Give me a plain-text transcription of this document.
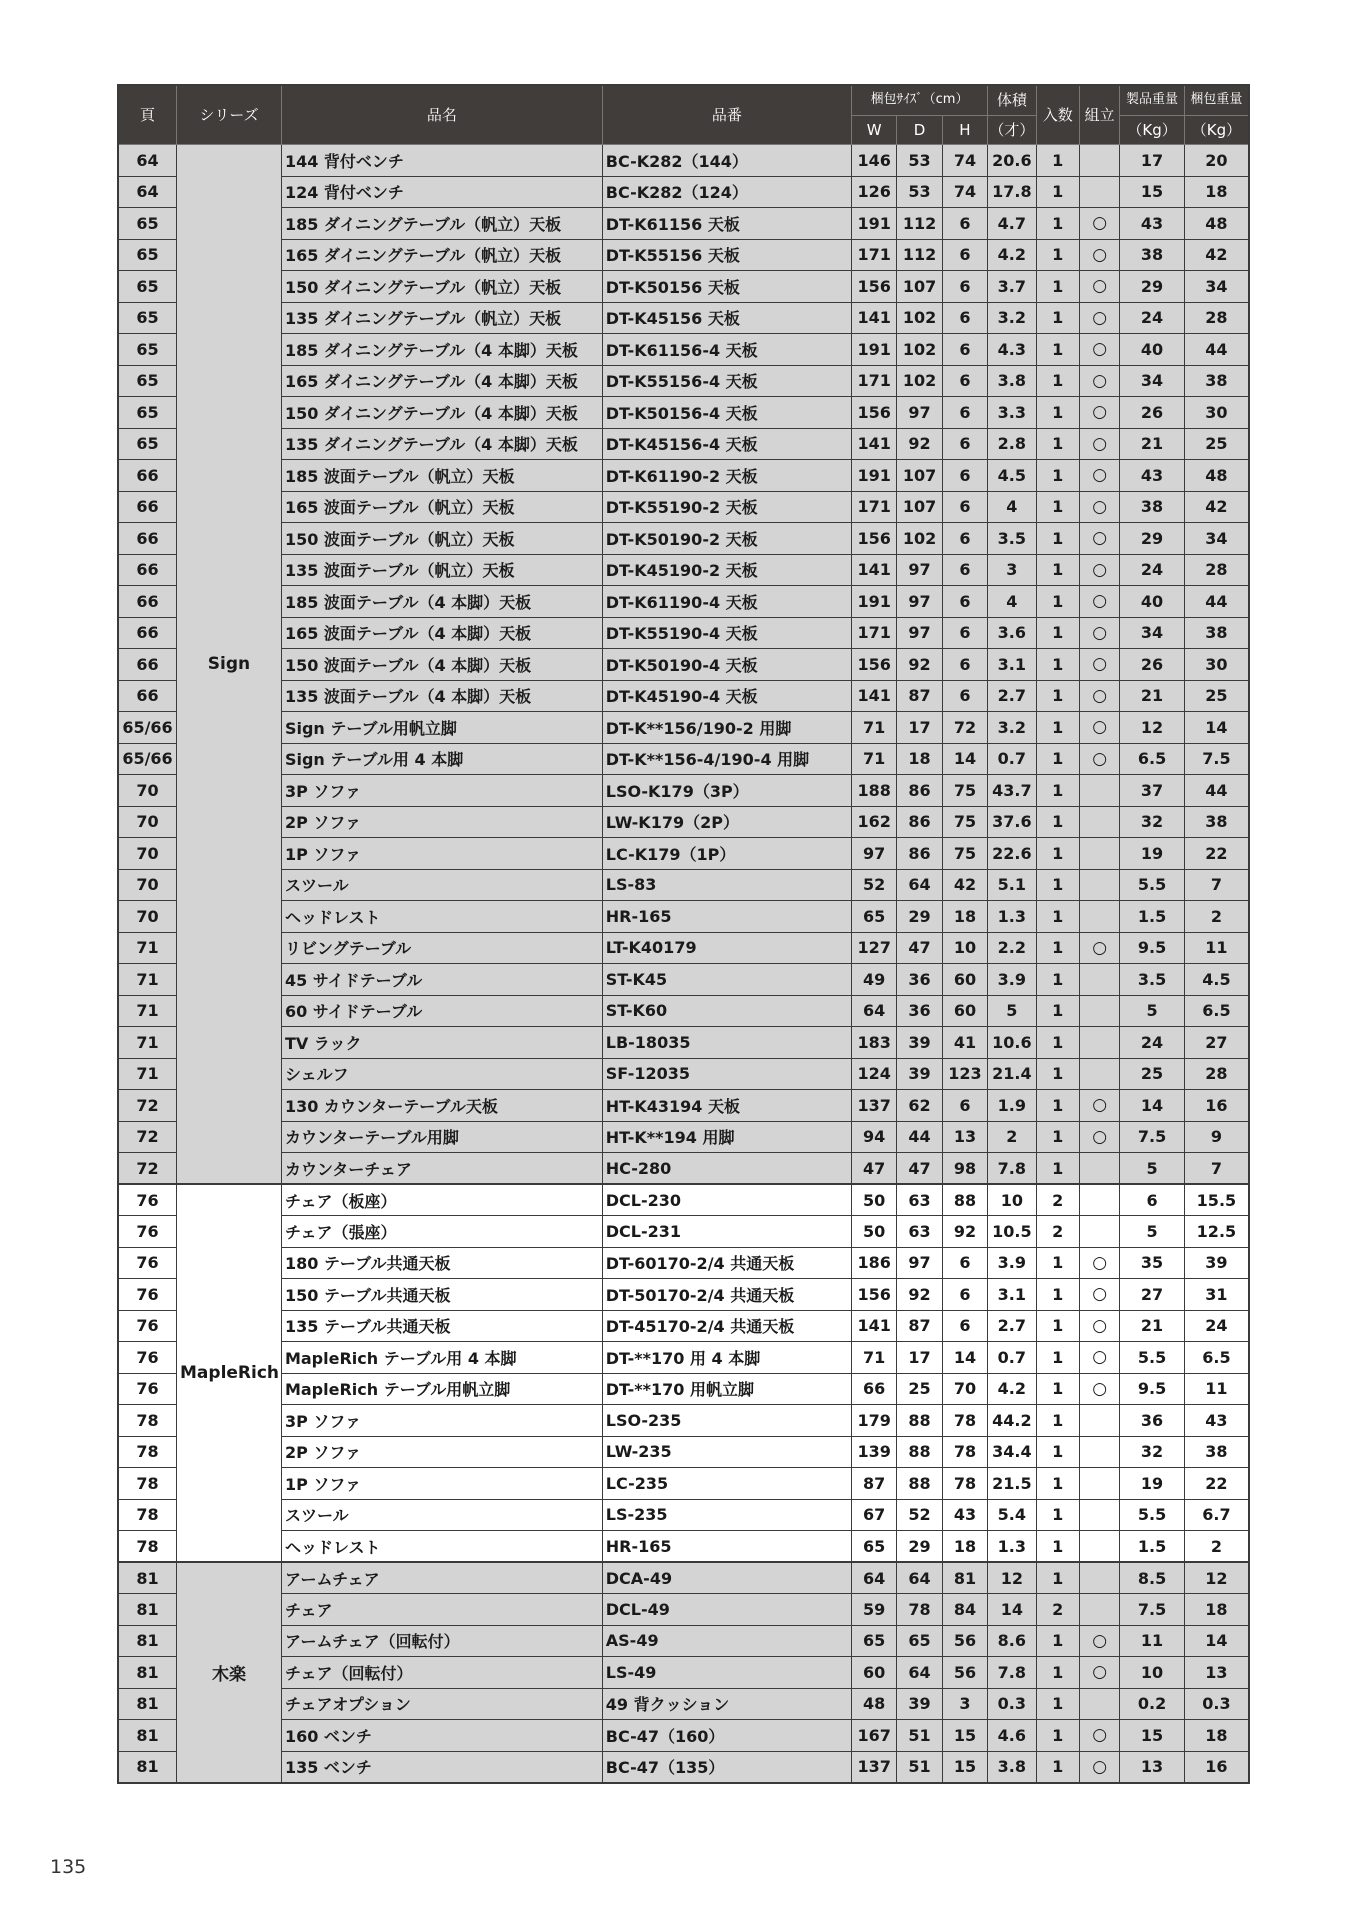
頁	シリーズ	品名	品番	梱包ｻｲｽﾞ（cm）			体積	入数	組立	製品重量	梱包重量
				W	D	H	（才）			（Kg）	（Kg）
64	Sign	144 背付ベンチ	BC-K282（144）	146	53	74	20.6	1		17	20
64		124 背付ベンチ	BC-K282（124）	126	53	74	17.8	1		15	18
65		185 ダイニングテーブル（帆立）天板	DT-K61156 天板	191	112	6	4.7	1	○	43	48
65		165 ダイニングテーブル（帆立）天板	DT-K55156 天板	171	112	6	4.2	1	○	38	42
65		150 ダイニングテーブル（帆立）天板	DT-K50156 天板	156	107	6	3.7	1	○	29	34
65		135 ダイニングテーブル（帆立）天板	DT-K45156 天板	141	102	6	3.2	1	○	24	28
65		185 ダイニングテーブル（4 本脚）天板	DT-K61156-4 天板	191	102	6	4.3	1	○	40	44
65		165 ダイニングテーブル（4 本脚）天板	DT-K55156-4 天板	171	102	6	3.8	1	○	34	38
65		150 ダイニングテーブル（4 本脚）天板	DT-K50156-4 天板	156	97	6	3.3	1	○	26	30
65		135 ダイニングテーブル（4 本脚）天板	DT-K45156-4 天板	141	92	6	2.8	1	○	21	25
66		185 波面テーブル（帆立）天板	DT-K61190-2 天板	191	107	6	4.5	1	○	43	48
66		165 波面テーブル（帆立）天板	DT-K55190-2 天板	171	107	6	4	1	○	38	42
66		150 波面テーブル（帆立）天板	DT-K50190-2 天板	156	102	6	3.5	1	○	29	34
66		135 波面テーブル（帆立）天板	DT-K45190-2 天板	141	97	6	3	1	○	24	28
66		185 波面テーブル（4 本脚）天板	DT-K61190-4 天板	191	97	6	4	1	○	40	44
66		165 波面テーブル（4 本脚）天板	DT-K55190-4 天板	171	97	6	3.6	1	○	34	38
66		150 波面テーブル（4 本脚）天板	DT-K50190-4 天板	156	92	6	3.1	1	○	26	30
66		135 波面テーブル（4 本脚）天板	DT-K45190-4 天板	141	87	6	2.7	1	○	21	25
65/66		Sign テーブル用帆立脚	DT-K**156/190-2 用脚	71	17	72	3.2	1	○	12	14
65/66		Sign テーブル用 4 本脚	DT-K**156-4/190-4 用脚	71	18	14	0.7	1	○	6.5	7.5
70		3P ソファ	LSO-K179（3P）	188	86	75	43.7	1		37	44
70		2P ソファ	LW-K179（2P）	162	86	75	37.6	1		32	38
70		1P ソファ	LC-K179（1P）	97	86	75	22.6	1		19	22
70		スツール	LS-83	52	64	42	5.1	1		5.5	7
70		ヘッドレスト	HR-165	65	29	18	1.3	1		1.5	2
71		リビングテーブル	LT-K40179	127	47	10	2.2	1	○	9.5	11
71		45 サイドテーブル	ST-K45	49	36	60	3.9	1		3.5	4.5
71		60 サイドテーブル	ST-K60	64	36	60	5	1		5	6.5
71		TV ラック	LB-18035	183	39	41	10.6	1		24	27
71		シェルフ	SF-12035	124	39	123	21.4	1		25	28
72		130 カウンターテーブル天板	HT-K43194 天板	137	62	6	1.9	1	○	14	16
72		カウンターテーブル用脚	HT-K**194 用脚	94	44	13	2	1	○	7.5	9
72		カウンターチェア	HC-280	47	47	98	7.8	1		5	7
76	MapleRich	チェア（板座）	DCL-230	50	63	88	10	2		6	15.5
76		チェア（張座）	DCL-231	50	63	92	10.5	2		5	12.5
76		180 テーブル共通天板	DT-60170-2/4 共通天板	186	97	6	3.9	1	○	35	39
76		150 テーブル共通天板	DT-50170-2/4 共通天板	156	92	6	3.1	1	○	27	31
76		135 テーブル共通天板	DT-45170-2/4 共通天板	141	87	6	2.7	1	○	21	24
76		MapleRich テーブル用 4 本脚	DT-**170 用 4 本脚	71	17	14	0.7	1	○	5.5	6.5
76		MapleRich テーブル用帆立脚	DT-**170 用帆立脚	66	25	70	4.2	1	○	9.5	11
78		3P ソファ	LSO-235	179	88	78	44.2	1		36	43
78		2P ソファ	LW-235	139	88	78	34.4	1		32	38
78		1P ソファ	LC-235	87	88	78	21.5	1		19	22
78		スツール	LS-235	67	52	43	5.4	1		5.5	6.7
78		ヘッドレスト	HR-165	65	29	18	1.3	1		1.5	2
81	木楽	アームチェア	DCA-49	64	64	81	12	1		8.5	12
81		チェア	DCL-49	59	78	84	14	2		7.5	18
81		アームチェア（回転付）	AS-49	65	65	56	8.6	1	○	11	14
81		チェア（回転付）	LS-49	60	64	56	7.8	1	○	10	13
81		チェアオプション	49 背クッション	48	39	3	0.3	1		0.2	0.3
81		160 ベンチ	BC-47（160）	167	51	15	4.6	1	○	15	18
81		135 ベンチ	BC-47（135）	137	51	15	3.8	1	○	13	16
135
